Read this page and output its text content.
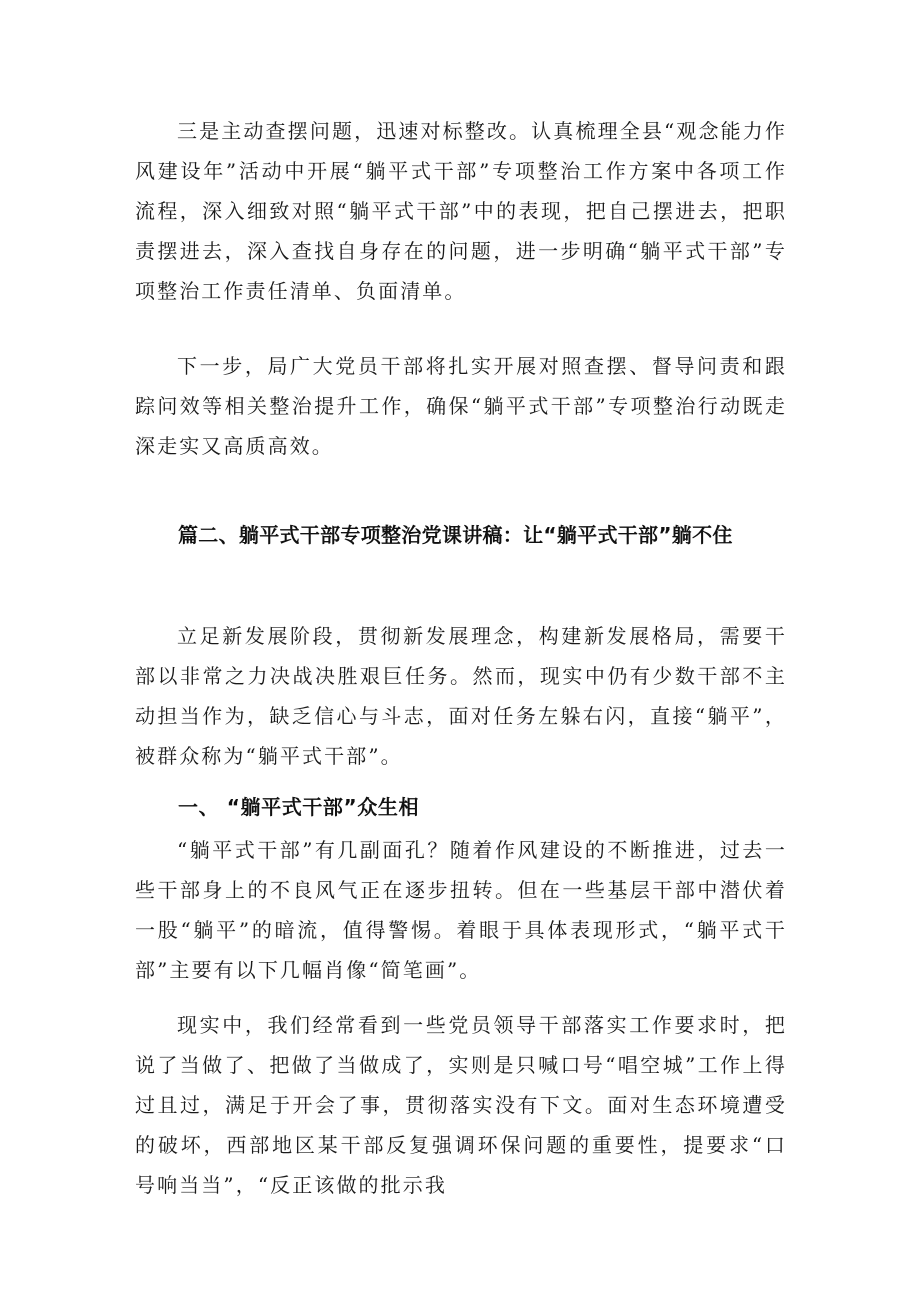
三是主动查摆问题，迅速对标整改。认真梳理全县“观念能力作风建设年”活动中开展“躺平式干部”专项整治工作方案中各项工作流程，深入细致对照“躺平式干部”中的表现，把自己摆进去，把职责摆进去，深入查找自身存在的问题，进一步明确“躺平式干部”专项整治工作责任清单、负面清单。

下一步，局广大党员干部将扎实开展对照查摆、督导问责和跟踪问效等相关整治提升工作，确保“躺平式干部”专项整治行动既走深走实又高质高效。

篇二、躺平式干部专项整治党课讲稿：让“躺平式干部”躺不住

立足新发展阶段，贯彻新发展理念，构建新发展格局，需要干部以非常之力决战决胜艰巨任务。然而，现实中仍有少数干部不主动担当作为，缺乏信心与斗志，面对任务左躲右闪，直接“躺平”，被群众称为“躺平式干部”。

一、 “躺平式干部”众生相

“躺平式干部”有几副面孔？随着作风建设的不断推进，过去一些干部身上的不良风气正在逐步扭转。但在一些基层干部中潜伏着一股“躺平”的暗流，值得警惕。着眼于具体表现形式，“躺平式干部”主要有以下几幅肖像“简笔画”。

现实中，我们经常看到一些党员领导干部落实工作要求时，把说了当做了、把做了当做成了，实则是只喊口号“唱空城”工作上得过且过，满足于开会了事，贯彻落实没有下文。面对生态环境遭受的破坏，西部地区某干部反复强调环保问题的重要性，提要求“口号响当当”，“反正该做的批示我
